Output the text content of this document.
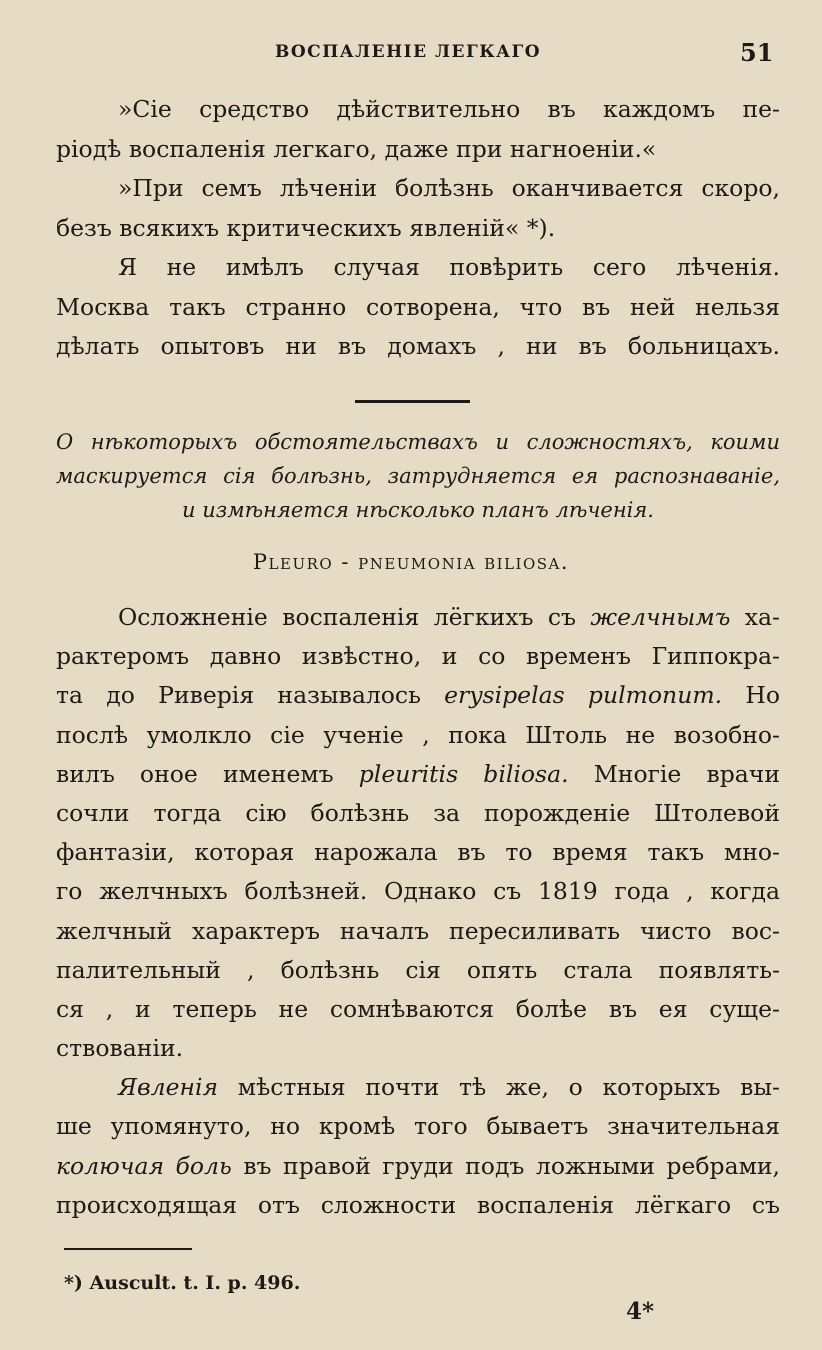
ВОСПАЛЕНІЕ ЛЕГКАГО	51
»Сіе средство дѣйствительно въ каждомъ пе-
ріодѣ воспаленія легкаго, даже при нагноеніи.«
»При семъ лѣченіи болѣзнь оканчивается скоро,
безъ всякихъ критическихъ явленій« *).
Я не имѣлъ случая повѣрить сего лѣченія.
Москва такъ странно сотворена, что въ ней нельзя
дѣлать опытовъ ни въ домахъ , ни въ больницахъ.
О нѣкоторыхъ обстоятельствахъ и сложностяхъ, коими
маскируется сія болѣзнь, затрудняется ея распознаваніе,
и измѣняется нѣсколько планъ лѣченія.
Pleuro - pneumonia biliosa.
Осложненіе воспаленія лёгкихъ съ желчнымъ ха-
рактеромъ давно извѣстно, и со временъ Гиппокра-
та до Риверія называлось erysipelas pulmonum. Но
послѣ умолкло сіе ученіе , пока Штоль не возобно-
вилъ оное именемъ pleuritis biliosa. Многіе врачи
сочли тогда сію болѣзнь за порожденіе Штолевой
фантазіи, которая нарожала въ то время такъ мно-
го желчныхъ болѣзней. Однако съ 1819 года , когда
желчный характеръ началъ пересиливать чисто вос-
палительный , болѣзнь сія опять стала появлять-
ся , и теперь не сомнѣваются болѣе въ ея суще-
ствованіи.
Явленія мѣстныя почти тѣ же, о которыхъ вы-
ше упомянуто, но кромѣ того бываетъ значительная
колючая боль въ правой груди подъ ложными ребрами,
происходящая отъ сложности воспаленія лёгкаго съ
*) Auscult. t. I. p. 496.
4*
